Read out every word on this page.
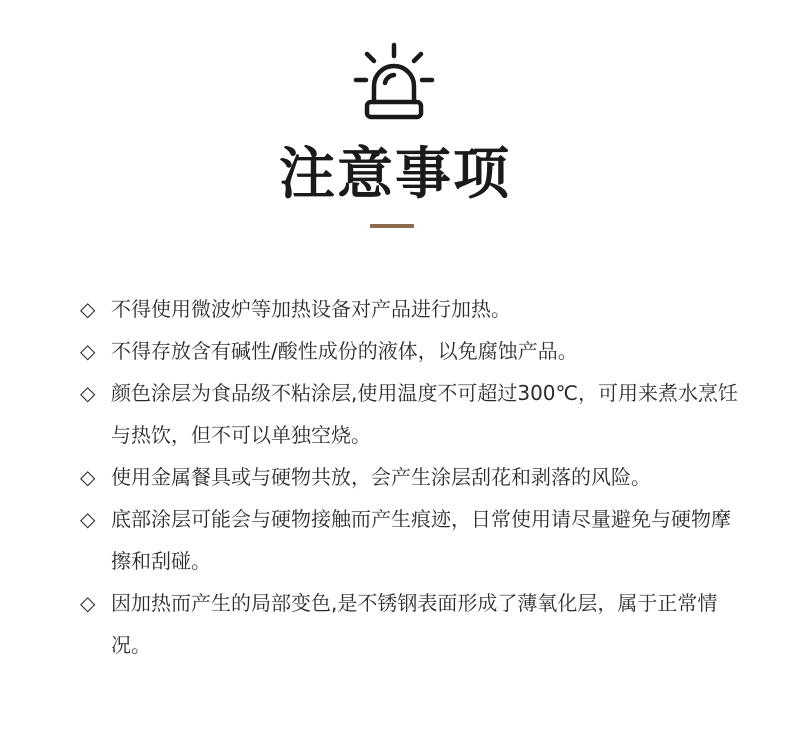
注意事项
◇ 不得使用微波炉等加热设备对产品进行加热。
◇ 不得存放含有碱性/酸性成份的液体，以免腐蚀产品。
◇ 颜色涂层为食品级不粘涂层,使用温度不可超过300℃，可用来煮水烹饪与热饮，但不可以单独空烧。
◇ 使用金属餐具或与硬物共放，会产生涂层刮花和剥落的风险。
◇ 底部涂层可能会与硬物接触而产生痕迹，日常使用请尽量避免与硬物摩擦和刮碰。
◇ 因加热而产生的局部变色,是不锈钢表面形成了薄氧化层，属于正常情况。
